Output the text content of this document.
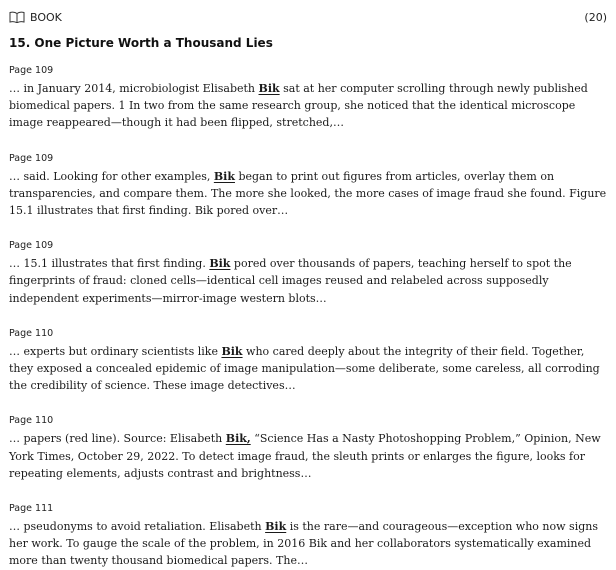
BOOK	(20)
15. One Picture Worth a Thousand Lies
Page 109

… in January 2014, microbiologist Elisabeth Bik sat at her computer scrolling through newly published biomedical papers. 1 In two from the same research group, she noticed that the identical microscope image reappeared—though it had been flipped, stretched,…

Page 109

… said. Looking for other examples, Bik began to print out figures from articles, overlay them on transparencies, and compare them. The more she looked, the more cases of image fraud she found. Figure 15.1 illustrates that first finding. Bik pored over…

Page 109

… 15.1 illustrates that first finding. Bik pored over thousands of papers, teaching herself to spot the fingerprints of fraud: cloned cells—identical cell images reused and relabeled across supposedly independent experiments—mirror-image western blots…

Page 110

… experts but ordinary scientists like Bik who cared deeply about the integrity of their field. Together, they exposed a concealed epidemic of image manipulation—some deliberate, some careless, all corroding the credibility of science. These image detectives…

Page 110

… papers (red line). Source: Elisabeth Bik, “Science Has a Nasty Photoshopping Problem,” Opinion, New York Times, October 29, 2022. To detect image fraud, the sleuth prints or enlarges the figure, looks for repeating elements, adjusts contrast and brightness…

Page 111

… pseudonyms to avoid retaliation. Elisabeth Bik is the rare—and courageous—exception who now signs her work. To gauge the scale of the problem, in 2016 Bik and her collaborators systematically examined more than twenty thousand biomedical papers. The…
